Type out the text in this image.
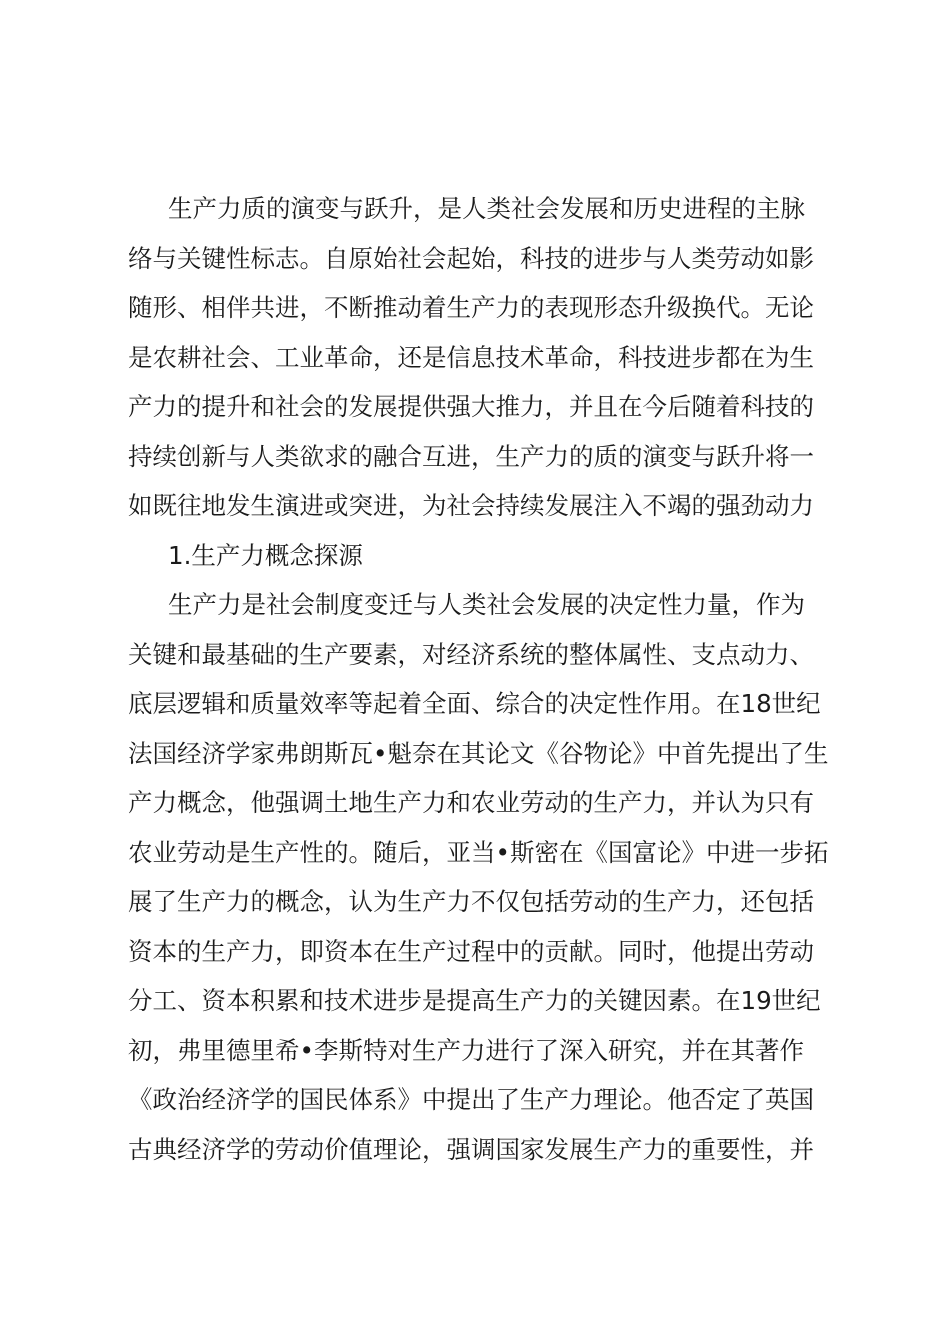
生产力质的演变与跃升，是人类社会发展和历史进程的主脉
络与关键性标志。自原始社会起始，科技的进步与人类劳动如影
随形、相伴共进，不断推动着生产力的表现形态升级换代。无论
是农耕社会、工业革命，还是信息技术革命，科技进步都在为生
产力的提升和社会的发展提供强大推力，并且在今后随着科技的
持续创新与人类欲求的融合互进，生产力的质的演变与跃升将一
如既往地发生演进或突进，为社会持续发展注入不竭的强劲动力
1.生产力概念探源
生产力是社会制度变迁与人类社会发展的决定性力量，作为
关键和最基础的生产要素，对经济系统的整体属性、支点动力、
底层逻辑和质量效率等起着全面、综合的决定性作用。在18世纪
法国经济学家弗朗斯瓦•魁奈在其论文《谷物论》中首先提出了生
产力概念，他强调土地生产力和农业劳动的生产力，并认为只有
农业劳动是生产性的。随后，亚当•斯密在《国富论》中进一步拓
展了生产力的概念，认为生产力不仅包括劳动的生产力，还包括
资本的生产力，即资本在生产过程中的贡献。同时，他提出劳动
分工、资本积累和技术进步是提高生产力的关键因素。在19世纪
初，弗里德里希•李斯特对生产力进行了深入研究，并在其著作
《政治经济学的国民体系》中提出了生产力理论。他否定了英国
古典经济学的劳动价值理论，强调国家发展生产力的重要性，并
